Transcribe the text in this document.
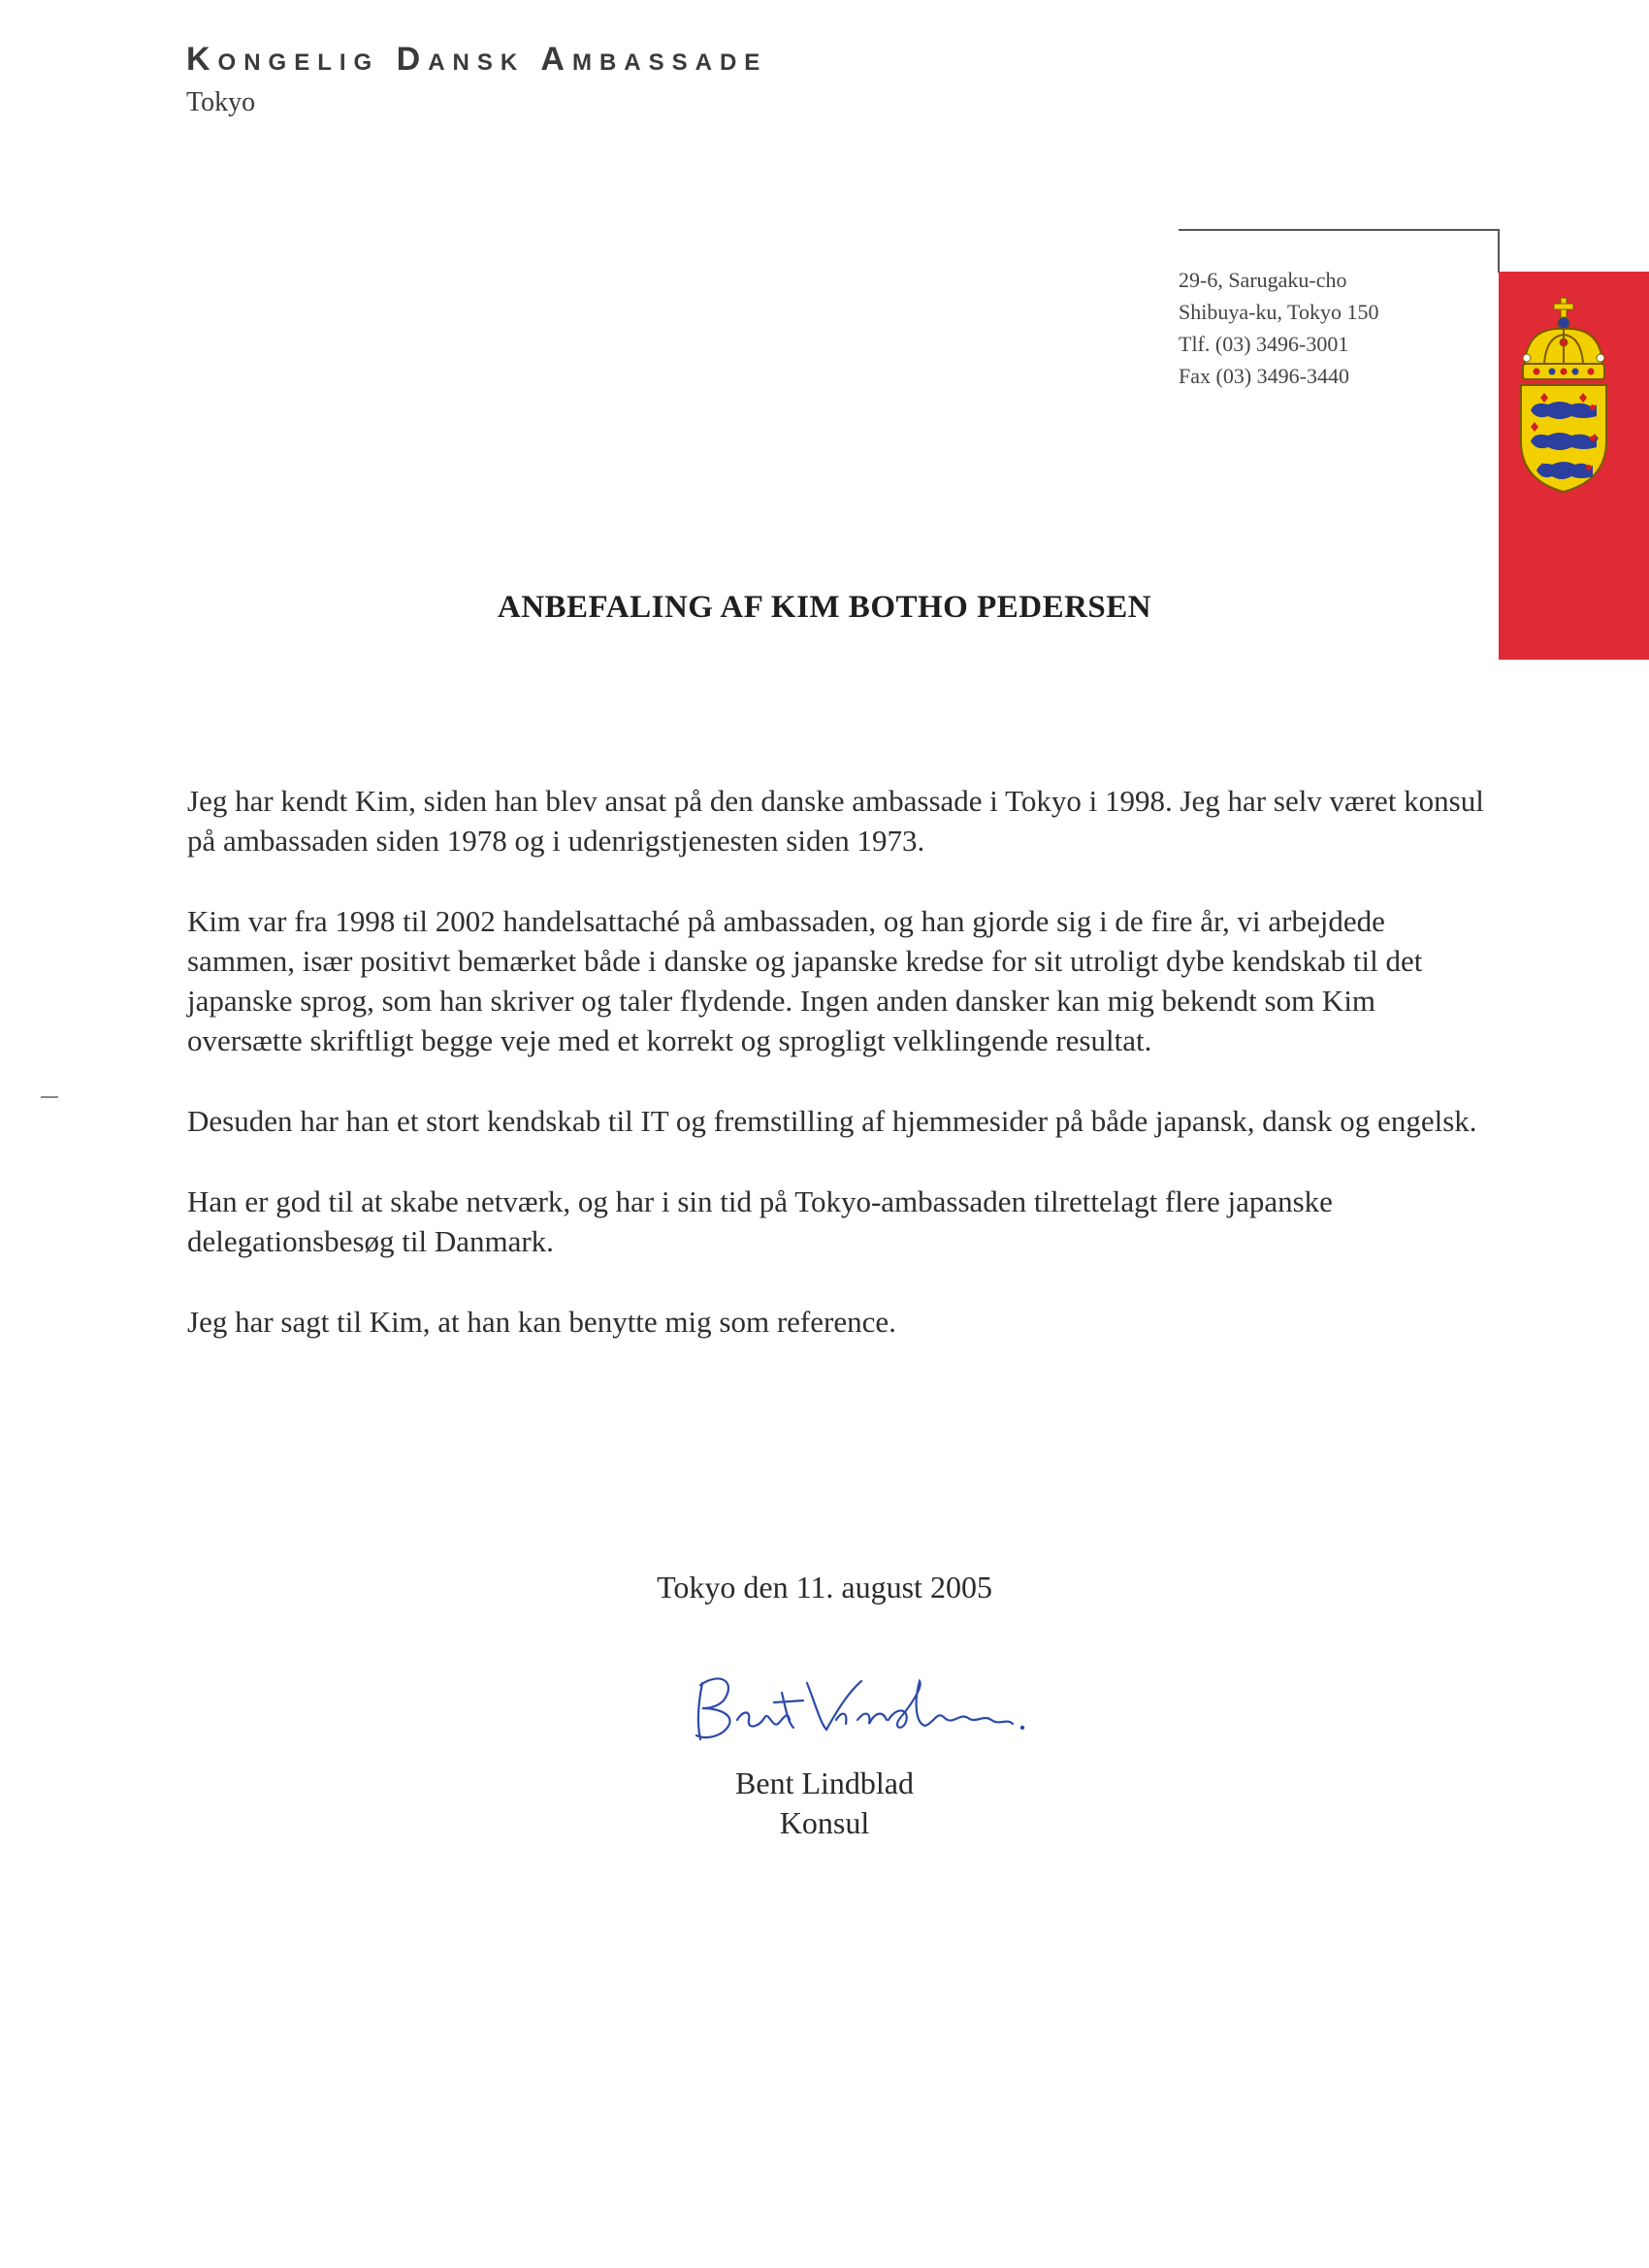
Kongelig Dansk Ambassade
Tokyo
29-6, Sarugaku-cho
Shibuya-ku, Tokyo 150
Tlf. (03) 3496-3001
Fax (03) 3496-3440
ANBEFALING AF KIM BOTHO PEDERSEN

Jeg har kendt Kim, siden han blev ansat på den danske ambassade i Tokyo i 1998. Jeg har selv været konsul på ambassaden siden 1978 og i udenrigstjenesten siden 1973.

Kim var fra 1998 til 2002 handelsattaché på ambassaden, og han gjorde sig i de fire år, vi arbejdede sammen, især positivt bemærket både i danske og japanske kredse for sit utroligt dybe kendskab til det japanske sprog, som han skriver og taler flydende. Ingen anden dansker kan mig bekendt som Kim oversætte skriftligt begge veje med et korrekt og sprogligt velklingende resultat.

Desuden har han et stort kendskab til IT og fremstilling af hjemmesider på både japansk, dansk og engelsk.

Han er god til at skabe netværk, og har i sin tid på Tokyo-ambassaden tilrettelagt flere japanske delegationsbesøg til Danmark.

Jeg har sagt til Kim, at han kan benytte mig som reference.

Tokyo den 11. august 2005
Bent Lindblad
Konsul
